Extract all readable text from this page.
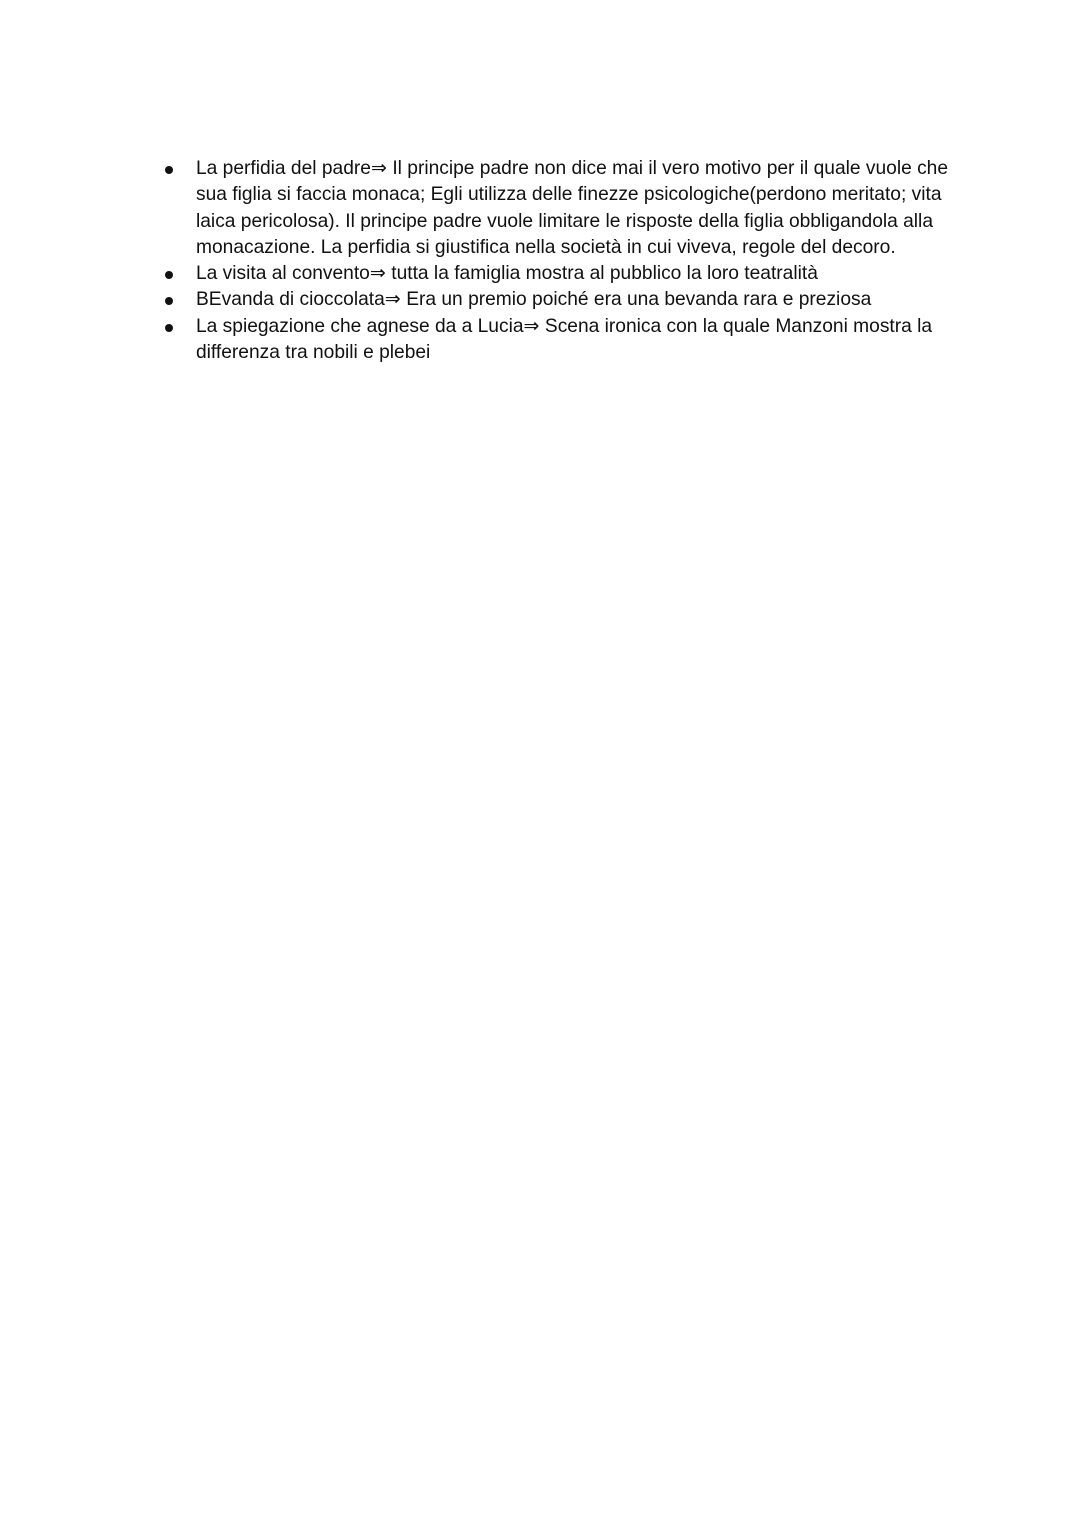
La perfidia del padre⇒ Il principe padre non dice mai il vero motivo per il quale vuole che sua figlia si faccia monaca; Egli utilizza delle finezze psicologiche(perdono meritato; vita laica pericolosa). Il principe padre vuole limitare le risposte della figlia obbligandola alla monacazione. La perfidia si giustifica nella società in cui viveva, regole del decoro.
La visita al convento⇒ tutta la famiglia mostra al pubblico la loro teatralità
BEvanda di cioccolata⇒ Era un premio poiché era una bevanda rara e preziosa
La spiegazione che agnese da a Lucia⇒ Scena ironica con la quale Manzoni mostra la differenza tra nobili e plebei
